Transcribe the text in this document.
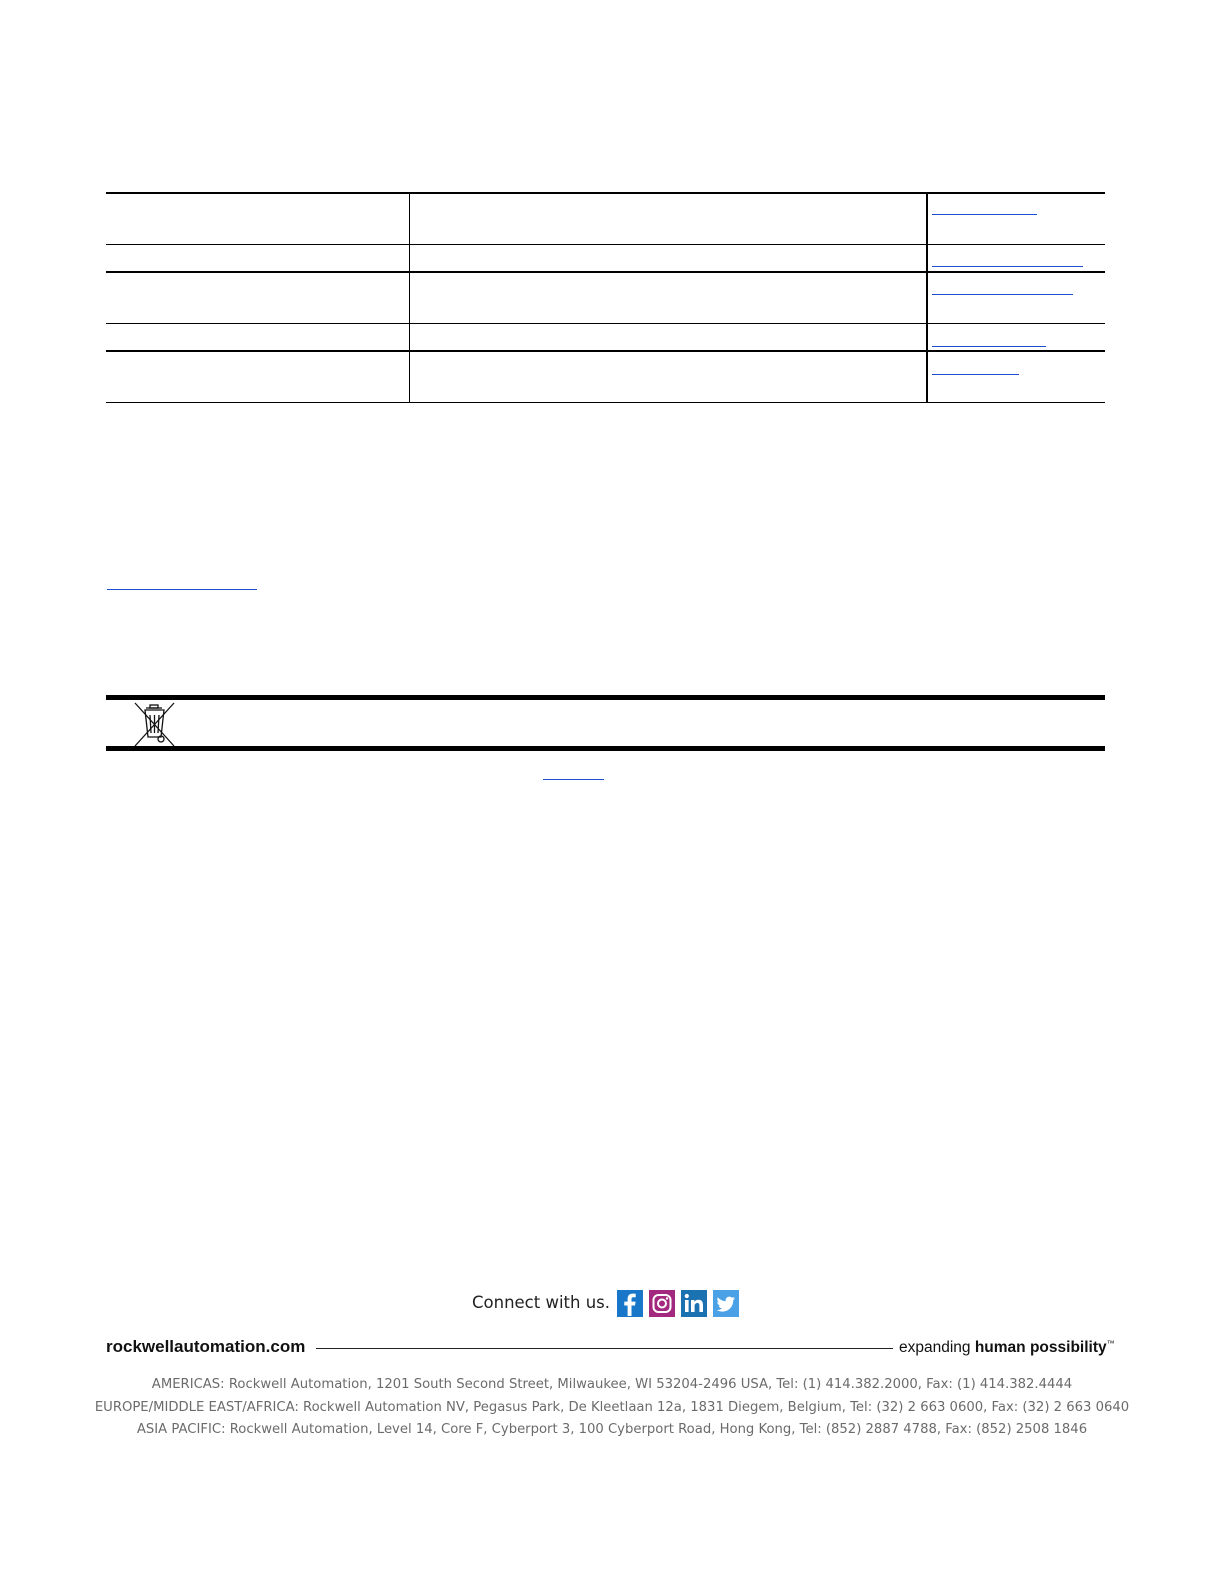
Connect with us.
rockwellautomation.com	expanding human possibility™
AMERICAS: Rockwell Automation, 1201 South Second Street, Milwaukee, WI 53204-2496 USA, Tel: (1) 414.382.2000, Fax: (1) 414.382.4444
EUROPE/MIDDLE EAST/AFRICA: Rockwell Automation NV, Pegasus Park, De Kleetlaan 12a, 1831 Diegem, Belgium, Tel: (32) 2 663 0600, Fax: (32) 2 663 0640
ASIA PACIFIC: Rockwell Automation, Level 14, Core F, Cyberport 3, 100 Cyberport Road, Hong Kong, Tel: (852) 2887 4788, Fax: (852) 2508 1846
